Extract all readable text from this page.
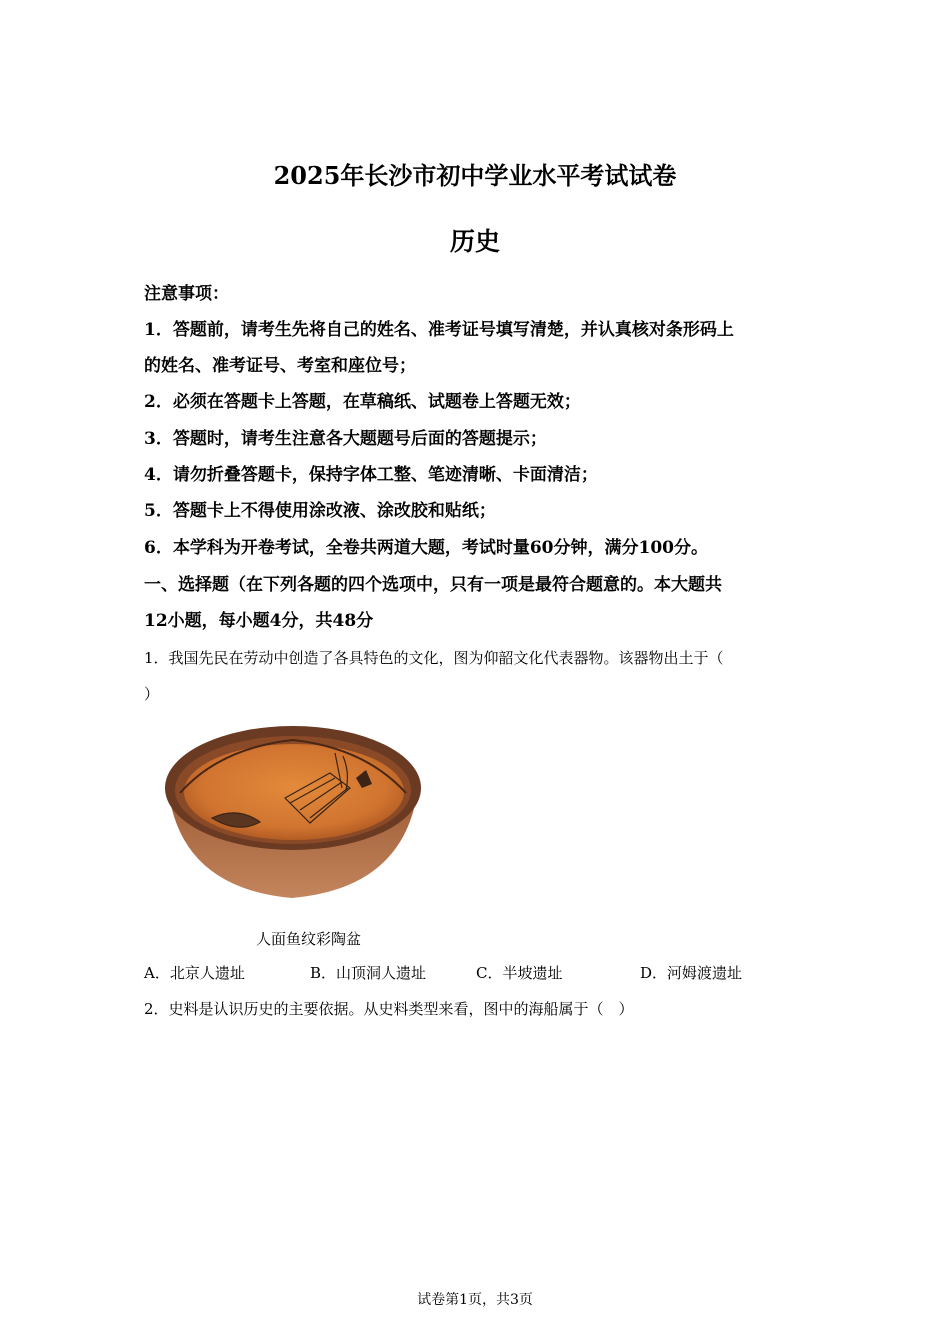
2025年长沙市初中学业水平考试试卷
历史
注意事项：
1．答题前，请考生先将自己的姓名、准考证号填写清楚，并认真核对条形码上
的姓名、准考证号、考室和座位号；
2．必须在答题卡上答题，在草稿纸、试题卷上答题无效；
3．答题时，请考生注意各大题题号后面的答题提示；
4．请勿折叠答题卡，保持字体工整、笔迹清晰、卡面清洁；
5．答题卡上不得使用涂改液、涂改胶和贴纸；
6．本学科为开卷考试，全卷共两道大题，考试时量60分钟，满分100分。
一、选择题（在下列各题的四个选项中，只有一项是最符合题意的。本大题共
12小题，每小题4分，共48分
1．我国先民在劳动中创造了各具特色的文化，图为仰韶文化代表器物。该器物出土于（
）
人面鱼纹彩陶盆
A．北京人遗址	B．山顶洞人遗址	C．半坡遗址	D．河姆渡遗址
2．史料是认识历史的主要依据。从史料类型来看，图中的海船属于（　）
试卷第1页，共3页
